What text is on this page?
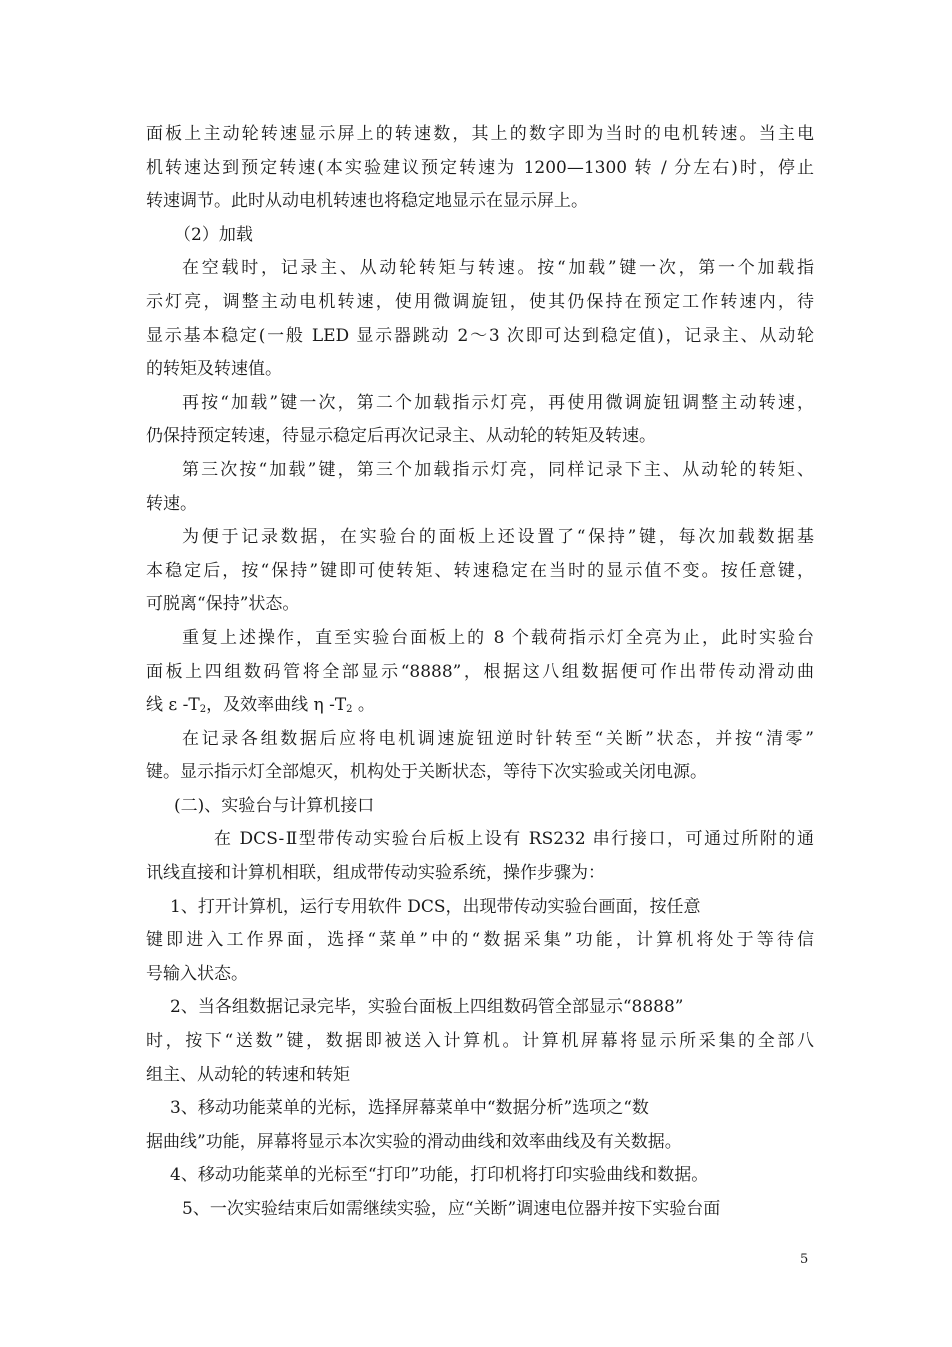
面板上主动轮转速显示屏上的转速数，其上的数字即为当时的电机转速。当主电
机转速达到预定转速(本实验建议预定转速为 1200—1300 转 / 分左右)时，停止
转速调节。此时从动电机转速也将稳定地显示在显示屏上。
（2）加载
在空载时，记录主、从动轮转矩与转速。按“加载”键一次，第一个加载指
示灯亮，调整主动电机转速，使用微调旋钮，使其仍保持在预定工作转速内，待
显示基本稳定(一般 LED 显示器跳动 2～3 次即可达到稳定值)，记录主、从动轮
的转矩及转速值。
再按“加载”键一次，第二个加载指示灯亮，再使用微调旋钮调整主动转速，
仍保持预定转速，待显示稳定后再次记录主、从动轮的转矩及转速。
第三次按“加载”键，第三个加载指示灯亮，同样记录下主、从动轮的转矩、
转速。
为便于记录数据，在实验台的面板上还设置了“保持”键，每次加载数据基
本稳定后，按“保持”键即可使转矩、转速稳定在当时的显示值不变。按任意键，
可脱离“保持”状态。
重复上述操作，直至实验台面板上的 8 个载荷指示灯全亮为止，此时实验台
面板上四组数码管将全部显示“8888”，根据这八组数据便可作出带传动滑动曲
线 ε $-T_2$，及效率曲线 η $-T_2$ 。
在记录各组数据后应将电机调速旋钮逆时针转至“关断”状态，并按“清零”
键。显示指示灯全部熄灭，机构处于关断状态，等待下次实验或关闭电源。
(二)、实验台与计算机接口
在 DCS-Ⅱ型带传动实验台后板上设有 RS232 串行接口，可通过所附的通
讯线直接和计算机相联，组成带传动实验系统，操作步骤为：
1、打开计算机，运行专用软件 DCS，出现带传动实验台画面，按任意
键即进入工作界面，选择“菜单”中的“数据采集”功能，计算机将处于等待信
号输入状态。
2、当各组数据记录完毕，实验台面板上四组数码管全部显示“8888”
时，按下“送数”键，数据即被送入计算机。计算机屏幕将显示所采集的全部八
组主、从动轮的转速和转矩
3、移动功能菜单的光标，选择屏幕菜单中“数据分析”选项之“数
据曲线”功能，屏幕将显示本次实验的滑动曲线和效率曲线及有关数据。
4、移动功能菜单的光标至“打印”功能，打印机将打印实验曲线和数据。
5、一次实验结束后如需继续实验，应“关断”调速电位器并按下实验台面
5
